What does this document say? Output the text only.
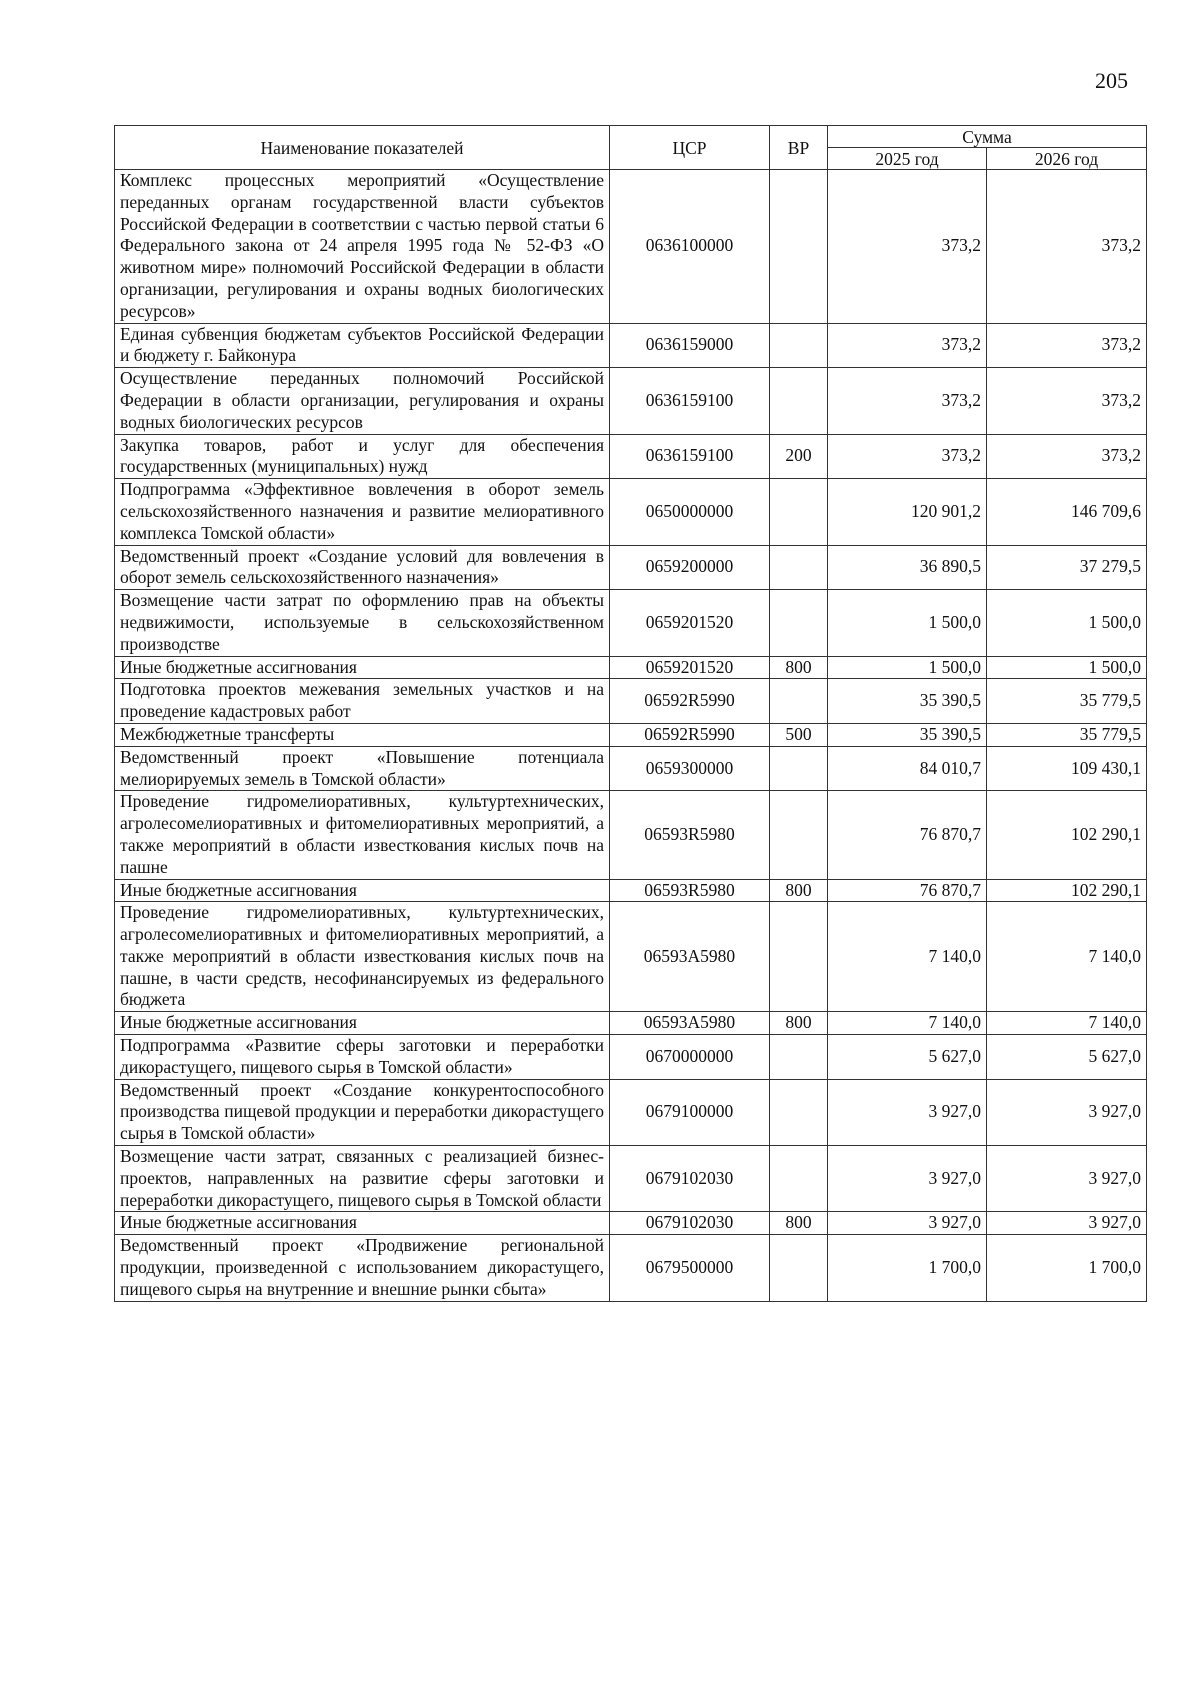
205
Наименование показателей	ЦСР	ВР	Сумма	
			2025 год	2026 год
Комплекс процессных мероприятий «Осуществление переданных органам государственной власти субъектов Российской Федерации в соответствии с частью первой статьи 6 Федерального закона от 24 апреля 1995 года № 52-ФЗ «О животном мире» полномочий Российской Федерации в области организации, регулирования и охраны водных биологических ресурсов»	0636100000		373,2	373,2
Единая субвенция бюджетам субъектов Российской Федерации и бюджету г. Байконура	0636159000		373,2	373,2
Осуществление переданных полномочий Российской Федерации в области организации, регулирования и охраны водных биологических ресурсов	0636159100		373,2	373,2
Закупка товаров, работ и услуг для обеспечения государственных (муниципальных) нужд	0636159100	200	373,2	373,2
Подпрограмма «Эффективное вовлечения в оборот земель сельскохозяйственного назначения и развитие мелиоративного комплекса Томской области»	0650000000		120 901,2	146 709,6
Ведомственный проект «Создание условий для вовлечения в оборот земель сельскохозяйственного назначения»	0659200000		36 890,5	37 279,5
Возмещение части затрат по оформлению прав на объекты недвижимости, используемые в сельскохозяйственном производстве	0659201520		1 500,0	1 500,0
Иные бюджетные ассигнования	0659201520	800	1 500,0	1 500,0
Подготовка проектов межевания земельных участков и на проведение кадастровых работ	06592R5990		35 390,5	35 779,5
Межбюджетные трансферты	06592R5990	500	35 390,5	35 779,5
Ведомственный проект «Повышение потенциала мелиорируемых земель в Томской области»	0659300000		84 010,7	109 430,1
Проведение гидромелиоративных, культуртехнических, агролесомелиоративных и фитомелиоративных мероприятий, а также мероприятий в области известкования кислых почв на пашне	06593R5980		76 870,7	102 290,1
Иные бюджетные ассигнования	06593R5980	800	76 870,7	102 290,1
Проведение гидромелиоративных, культуртехнических, агролесомелиоративных и фитомелиоративных мероприятий, а также мероприятий в области известкования кислых почв на пашне, в части средств, несофинансируемых из федерального бюджета	06593A5980		7 140,0	7 140,0
Иные бюджетные ассигнования	06593A5980	800	7 140,0	7 140,0
Подпрограмма «Развитие сферы заготовки и переработки дикорастущего, пищевого сырья в Томской области»	0670000000		5 627,0	5 627,0
Ведомственный проект «Создание конкурентоспособного производства пищевой продукции и переработки дикорастущего сырья в Томской области»	0679100000		3 927,0	3 927,0
Возмещение части затрат, связанных с реализацией бизнес-проектов, направленных на развитие сферы заготовки и переработки дикорастущего, пищевого сырья в Томской области	0679102030		3 927,0	3 927,0
Иные бюджетные ассигнования	0679102030	800	3 927,0	3 927,0
Ведомственный проект «Продвижение региональной продукции, произведенной с использованием дикорастущего, пищевого сырья на внутренние и внешние рынки сбыта»	0679500000		1 700,0	1 700,0
